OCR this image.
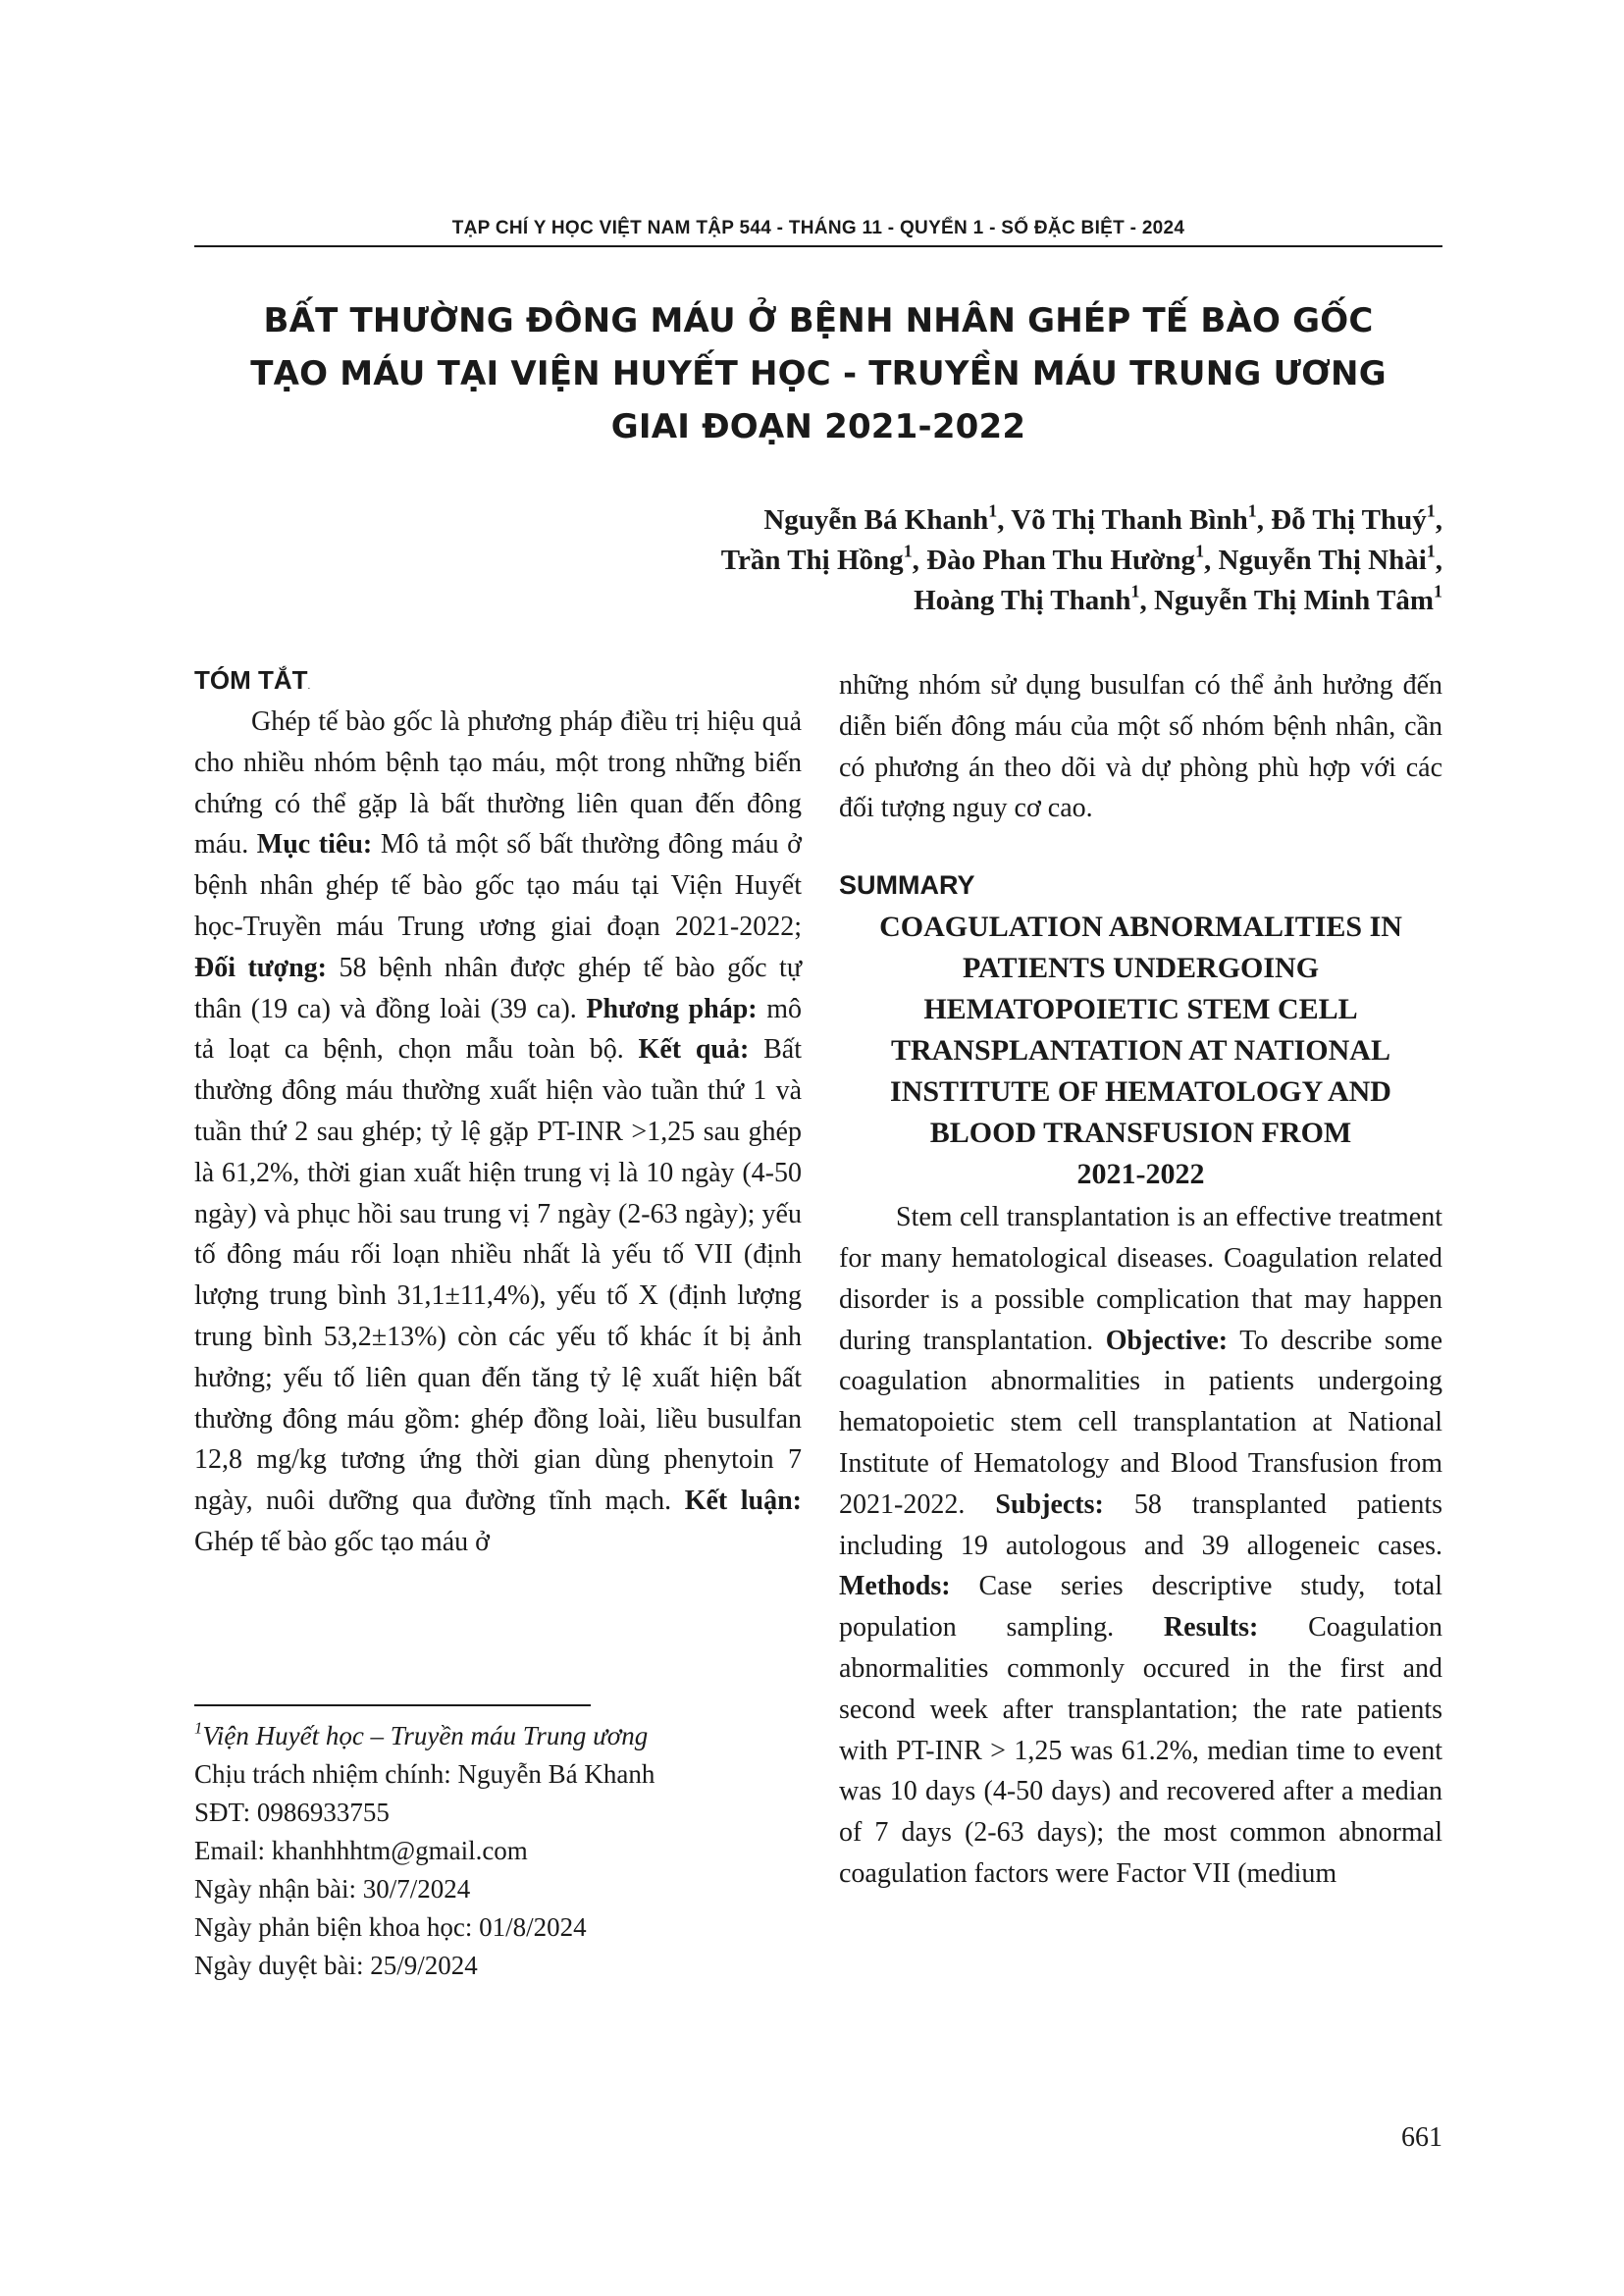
TẠP CHÍ Y HỌC VIỆT NAM TẬP 544 - THÁNG 11 - QUYỂN 1 - SỐ ĐẶC BIỆT - 2024
BẤT THƯỜNG ĐÔNG MÁU Ở BỆNH NHÂN GHÉP TẾ BÀO GỐC
TẠO MÁU TẠI VIỆN HUYẾT HỌC - TRUYỀN MÁU TRUNG ƯƠNG
GIAI ĐOẠN 2021-2022
Nguyễn Bá Khanh$^1$, Võ Thị Thanh Bình$^1$, Đỗ Thị Thuý$^1$,
Trần Thị Hồng$^1$, Đào Phan Thu Hường$^1$, Nguyễn Thị Nhài$^1$,
Hoàng Thị Thanh$^1$, Nguyễn Thị Minh Tâm$^1$
TÓM TẮT.

Ghép tế bào gốc là phương pháp điều trị hiệu quả cho nhiều nhóm bệnh tạo máu, một trong những biến chứng có thể gặp là bất thường liên quan đến đông máu. Mục tiêu: Mô tả một số bất thường đông máu ở bệnh nhân ghép tế bào gốc tạo máu tại Viện Huyết học-Truyền máu Trung ương giai đoạn 2021-2022; Đối tượng: 58 bệnh nhân được ghép tế bào gốc tự thân (19 ca) và đồng loài (39 ca). Phương pháp: mô tả loạt ca bệnh, chọn mẫu toàn bộ. Kết quả: Bất thường đông máu thường xuất hiện vào tuần thứ 1 và tuần thứ 2 sau ghép; tỷ lệ gặp PT-INR >1,25 sau ghép là 61,2%, thời gian xuất hiện trung vị là 10 ngày (4-50 ngày) và phục hồi sau trung vị 7 ngày (2-63 ngày); yếu tố đông máu rối loạn nhiều nhất là yếu tố VII (định lượng trung bình 31,1±11,4%), yếu tố X (định lượng trung bình 53,2±13%) còn các yếu tố khác ít bị ảnh hưởng; yếu tố liên quan đến tăng tỷ lệ xuất hiện bất thường đông máu gồm: ghép đồng loài, liều busulfan 12,8 mg/kg tương ứng thời gian dùng phenytoin 7 ngày, nuôi dưỡng qua đường tĩnh mạch. Kết luận: Ghép tế bào gốc tạo máu ở

những nhóm sử dụng busulfan có thể ảnh hưởng đến diễn biến đông máu của một số nhóm bệnh nhân, cần có phương án theo dõi và dự phòng phù hợp với các đối tượng nguy cơ cao.

SUMMARY
COAGULATION ABNORMALITIES IN
PATIENTS UNDERGOING
HEMATOPOIETIC STEM CELL
TRANSPLANTATION AT NATIONAL
INSTITUTE OF HEMATOLOGY AND
BLOOD TRANSFUSION FROM
2021-2022

Stem cell transplantation is an effective treatment for many hematological diseases. Coagulation related disorder is a possible complication that may happen during transplantation. Objective: To describe some coagulation abnormalities in patients undergoing hematopoietic stem cell transplantation at National Institute of Hematology and Blood Transfusion from 2021-2022. Subjects: 58 transplanted patients including 19 autologous and 39 allogeneic cases. Methods: Case series descriptive study, total population sampling. Results: Coagulation abnormalities commonly occured in the first and second week after transplantation; the rate patients with PT-INR > 1,25 was 61.2%, median time to event was 10 days (4-50 days) and recovered after a median of 7 days (2-63 days); the most common abnormal coagulation factors were Factor VII (medium

$^1$Viện Huyết học – Truyền máu Trung ương
Chịu trách nhiệm chính: Nguyễn Bá Khanh
SĐT: 0986933755
Email: khanhhhtm@gmail.com
Ngày nhận bài: 30/7/2024
Ngày phản biện khoa học: 01/8/2024
Ngày duyệt bài: 25/9/2024
661
